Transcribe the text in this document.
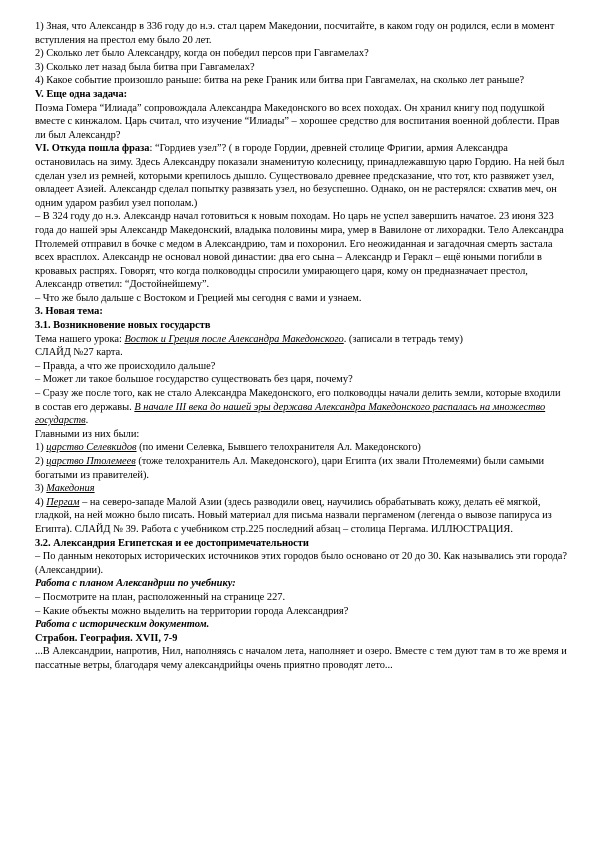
1) Зная, что Александр в 336 году до н.э. стал царем Македонии, посчитайте, в каком году он родился, если в момент вступления на престол ему было 20 лет.

2) Сколько лет было Александру, когда он победил персов при Гавгамелах?

3) Сколько лет назад была битва при Гавгамелах?

4) Какое событие произошло раньше: битва на реке Граник или битва при Гавгамелах, на сколько лет раньше?

V. Еще одна задача:

Поэма Гомера “Илиада” сопровождала Александра Македонского во всех походах. Он хранил книгу под подушкой вместе с кинжалом. Царь считал, что изучение “Илиады” – хорошее средство для воспитания военной доблести. Прав ли был Александр?

VI. Откуда пошла фраза: “Гордиев узел”? ( в городе Гордии, древней столице Фригии, армия Александра остановилась на зиму. Здесь Александру показали знаменитую колесницу, принадлежавшую царю Гордию. На ней был сделан узел из ремней, которыми крепилось дышло. Существовало древнее предсказание, что тот, кто развяжет узел, овладеет Азией. Александр сделал попытку развязать узел, но безуспешно. Однако, он не растерялся: схватив меч, он одним ударом разбил узел пополам.)

– В 324 году до н.э. Александр начал готовиться к новым походам. Но царь не успел завершить начатое. 23 июня 323 года до нашей эры Александр Македонский, владыка половины мира, умер в Вавилоне от лихорадки. Тело Александра Птолемей отправил в бочке с медом в Александрию, там и похоронил. Его неожиданная и загадочная смерть застала всех врасплох. Александр не основал новой династии: два его сына – Александр и Геракл – ещё юными погибли в кровавых распрях. Говорят, что когда полководцы спросили умирающего царя, кому он предназначает престол, Александр ответил: “Достойнейшему”.

– Что же было дальше с Востоком и Грецией мы сегодня с вами и узнаем.

3. Новая тема:

3.1. Возникновение новых государств

Тема нашего урока: Восток и Греция после Александра Македонского. (записали в тетрадь тему)

СЛАЙД №27 карта.

– Правда, а что же происходило дальше?

– Может ли такое большое государство существовать без царя, почему?

– Сразу же после того, как не стало Александра Македонского, его полководцы начали делить земли, которые входили в состав его державы. В начале III века до нашей эры держава Александра Македонского распалась на множество государств.

Главными из них были:

1) царство Селевкидов (по имени Селевка, Бывшего телохранителя Ал. Македонского)

2) царство Птолемеев (тоже телохранитель Ал. Македонского), цари Египта (их звали Птолемеями) были самыми богатыми из правителей).

3) Македония

4) Пергам – на северо-западе Малой Азии (здесь разводили овец, научились обрабатывать кожу, делать её мягкой, гладкой, на ней можно было писать. Новый материал для письма назвали пергаменом (легенда о вывозе папируса из Египта). СЛАЙД № 39. Работа с учебником стр.225 последний абзац – столица Пергама. ИЛЛЮСТРАЦИЯ.

3.2. Александрия Египетская и ее достопримечательности

– По данным некоторых исторических источников этих городов было основано от 20 до 30. Как назывались эти города? (Александрии).

Работа с планом Александрии по учебнику:

– Посмотрите на план, расположенный на странице 227.

– Какие объекты можно выделить на территории города Александрия?

Работа с историческим документом.

Страбон. География. XVII, 7-9

...В Александрии, напротив, Нил, наполняясь с началом лета, наполняет и озеро. Вместе с тем дуют там в то же время и пассатные ветры, благодаря чему александрийцы очень приятно проводят лето...
